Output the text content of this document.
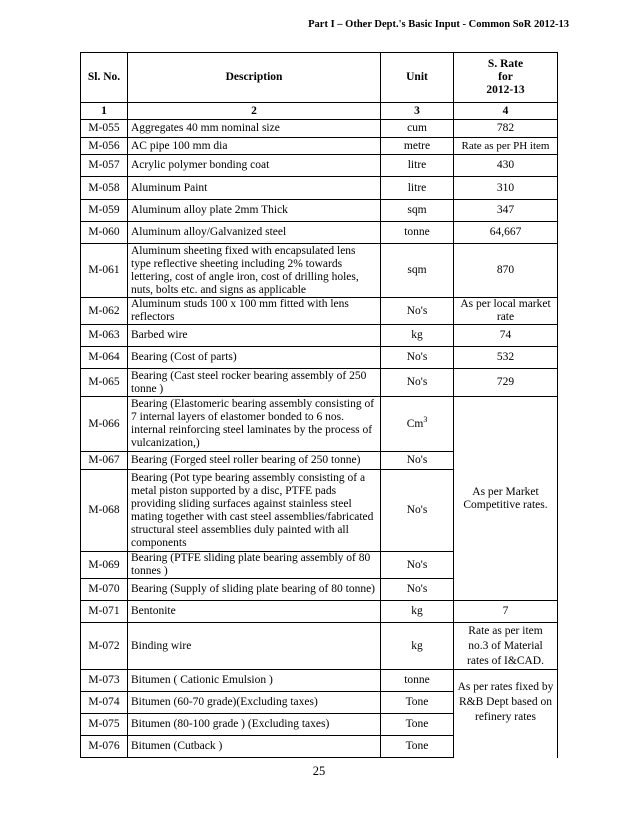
Part I – Other Dept.'s Basic Input - Common SoR 2012-13
Sl. No.	Description	Unit	S. Rate
for
2012-13
1	2	3	4
M-055	Aggregates 40 mm nominal size	cum	782
M-056	AC pipe 100 mm dia	metre	Rate as per PH item
M-057	Acrylic polymer bonding coat	litre	430
M-058	Aluminum Paint	litre	310
M-059	Aluminum alloy plate 2mm Thick	sqm	347
M-060	Aluminum alloy/Galvanized steel	tonne	64,667
M-061	Aluminum sheeting fixed with encapsulated lens type reflective sheeting including 2% towards lettering, cost of angle iron, cost of drilling holes, nuts, bolts etc. and signs as applicable	sqm	870
M-062	Aluminum studs 100 x 100 mm fitted with lens reflectors	No's	As per local market rate
M-063	Barbed wire	kg	74
M-064	Bearing (Cost of parts)	No's	532
M-065	Bearing (Cast steel rocker bearing assembly of 250 tonne )	No's	729
M-066	Bearing (Elastomeric bearing assembly consisting of 7 internal layers of elastomer bonded to 6 nos. internal reinforcing steel laminates by the process of vulcanization,)	Cm$^3$	As per Market Competitive rates.
M-067	Bearing (Forged steel roller bearing of 250 tonne)	No's	
M-068	Bearing (Pot type bearing assembly consisting of a metal piston supported by a disc, PTFE pads providing sliding surfaces against stainless steel mating together with cast steel assemblies/fabricated structural steel assemblies duly painted with all components	No's	
M-069	Bearing (PTFE sliding plate bearing assembly of 80 tonnes )	No's	
M-070	Bearing (Supply of sliding plate bearing of 80 tonne)	No's	
M-071	Bentonite	kg	7
M-072	Binding wire	kg	Rate as per item no.3 of Material rates of I&CAD.
M-073	Bitumen ( Cationic Emulsion )	tonne	As per rates fixed by R&B Dept based on refinery rates
M-074	Bitumen (60-70 grade)(Excluding taxes)	Tone	
M-075	Bitumen (80-100 grade ) (Excluding taxes)	Tone	
M-076	Bitumen (Cutback )	Tone	
25
